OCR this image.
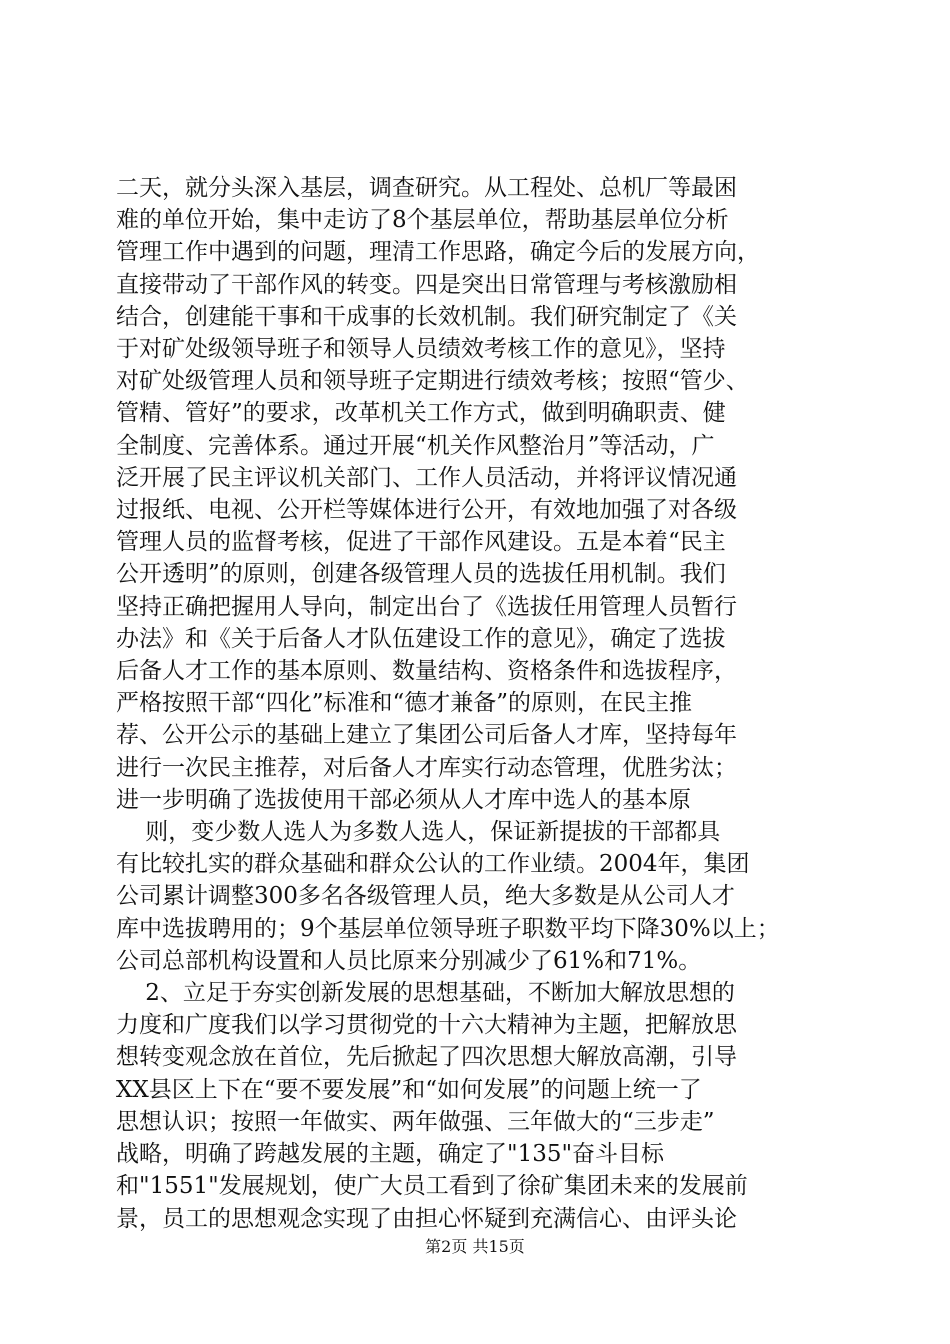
二天，就分头深入基层，调查研究。从工程处、总机厂等最困
难的单位开始，集中走访了8个基层单位，帮助基层单位分析
管理工作中遇到的问题，理清工作思路，确定今后的发展方向，
直接带动了干部作风的转变。四是突出日常管理与考核激励相
结合，创建能干事和干成事的长效机制。我们研究制定了《关
于对矿处级领导班子和领导人员绩效考核工作的意见》，坚持
对矿处级管理人员和领导班子定期进行绩效考核；按照“管少、
管精、管好”的要求，改革机关工作方式，做到明确职责、健
全制度、完善体系。通过开展“机关作风整治月”等活动，广
泛开展了民主评议机关部门、工作人员活动，并将评议情况通
过报纸、电视、公开栏等媒体进行公开，有效地加强了对各级
管理人员的监督考核，促进了干部作风建设。五是本着“民主
公开透明”的原则，创建各级管理人员的选拔任用机制。我们
坚持正确把握用人导向，制定出台了《选拔任用管理人员暂行
办法》和《关于后备人才队伍建设工作的意见》，确定了选拔
后备人才工作的基本原则、数量结构、资格条件和选拔程序，
严格按照干部“四化”标准和“德才兼备”的原则，在民主推
荐、公开公示的基础上建立了集团公司后备人才库，坚持每年
进行一次民主推荐，对后备人才库实行动态管理，优胜劣汰；
进一步明确了选拔使用干部必须从人才库中选人的基本原

则，变少数人选人为多数人选人，保证新提拔的干部都具
有比较扎实的群众基础和群众公认的工作业绩。2004年，集团
公司累计调整300多名各级管理人员，绝大多数是从公司人才
库中选拔聘用的；9个基层单位领导班子职数平均下降30%以上；
公司总部机构设置和人员比原来分别减少了61%和71%。

2、立足于夯实创新发展的思想基础，不断加大解放思想的
力度和广度我们以学习贯彻党的十六大精神为主题，把解放思
想转变观念放在首位，先后掀起了四次思想大解放高潮，引导
XX县区上下在“要不要发展”和“如何发展”的问题上统一了
思想认识；按照一年做实、两年做强、三年做大的“三步走”
战略，明确了跨越发展的主题，确定了"135"奋斗目标
和"1551"发展规划，使广大员工看到了徐矿集团未来的发展前
景，员工的思想观念实现了由担心怀疑到充满信心、由评头论

第2页 共15页
